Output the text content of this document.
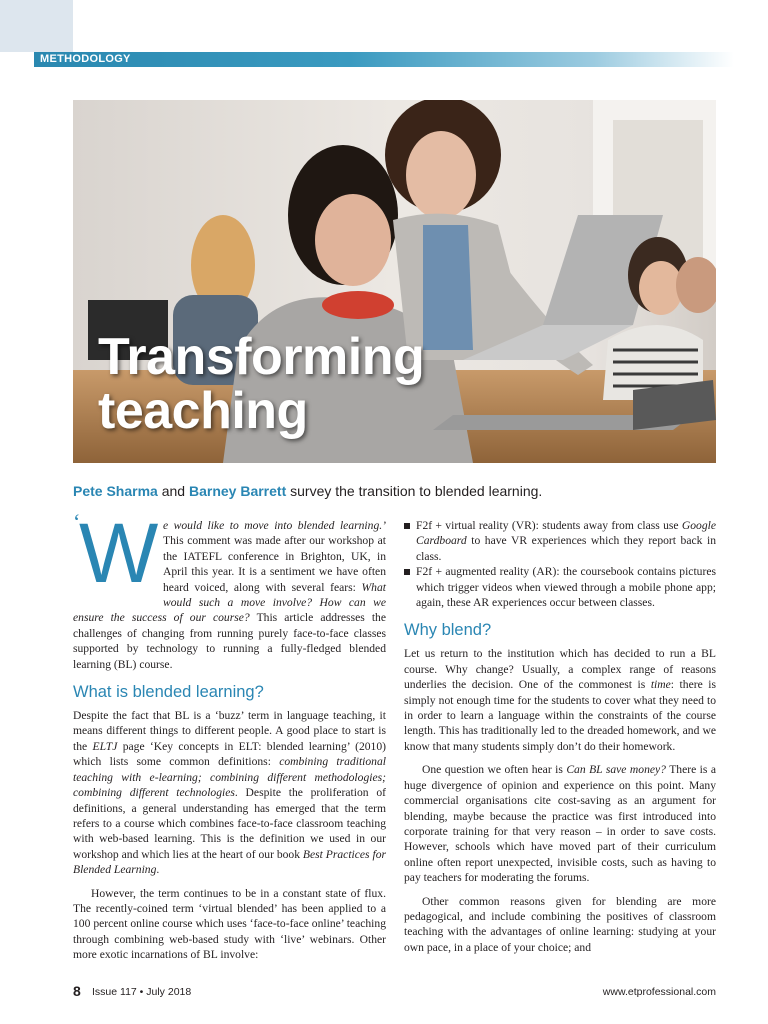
METHODOLOGY
Transforming
teaching
Pete Sharma and Barney Barrett survey the transition to blended learning.

‘
W e would like to move into blended learning.’ This comment was made after our workshop at the IATEFL conference in Brighton, UK, in April this year. It is a sentiment we have often heard voiced, along with several fears: What would such a move involve? How can we ensure the success of our course? This article addresses the challenges of changing from running purely face-to-face classes supported by technology to running a fully-fledged blended learning (BL) course.

What is blended learning?

Despite the fact that BL is a ‘buzz’ term in language teaching, it means different things to different people. A good place to start is the ELTJ page ‘Key concepts in ELT: blended learning’ (2010) which lists some common definitions: combining traditional teaching with e-learning; combining different methodologies; combining different technologies. Despite the proliferation of definitions, a general understanding has emerged that the term refers to a course which combines face-to-face classroom teaching with web-based learning. This is the definition we used in our workshop and which lies at the heart of our book Best Practices for Blended Learning.

However, the term continues to be in a constant state of flux. The recently-coined term ‘virtual blended’ has been applied to a 100 percent online course which uses ‘face-to-face online’ teaching through combining web-based study with ‘live’ webinars. Other more exotic incarnations of BL involve:

F2f + virtual reality (VR): students away from class use Google Cardboard to have VR experiences which they report back in class.

F2f + augmented reality (AR): the coursebook contains pictures which trigger videos when viewed through a mobile phone app; again, these AR experiences occur between classes.

Why blend?

Let us return to the institution which has decided to run a BL course. Why change? Usually, a complex range of reasons underlies the decision. One of the commonest is time: there is simply not enough time for the students to cover what they need to in order to learn a language within the constraints of the course length. This has traditionally led to the dreaded homework, and we know that many students simply don’t do their homework.

One question we often hear is Can BL save money? There is a huge divergence of opinion and experience on this point. Many commercial organisations cite cost-saving as an argument for blending, maybe because the practice was first introduced into corporate training for that very reason – in order to save costs. However, schools which have moved part of their curriculum online often report unexpected, invisible costs, such as having to pay teachers for moderating the forums.

Other common reasons given for blending are more pedagogical, and include combining the positives of classroom teaching with the advantages of online learning: studying at your own pace, in a place of your choice; and

8 Issue 117 • July 2018	www.etprofessional.com
